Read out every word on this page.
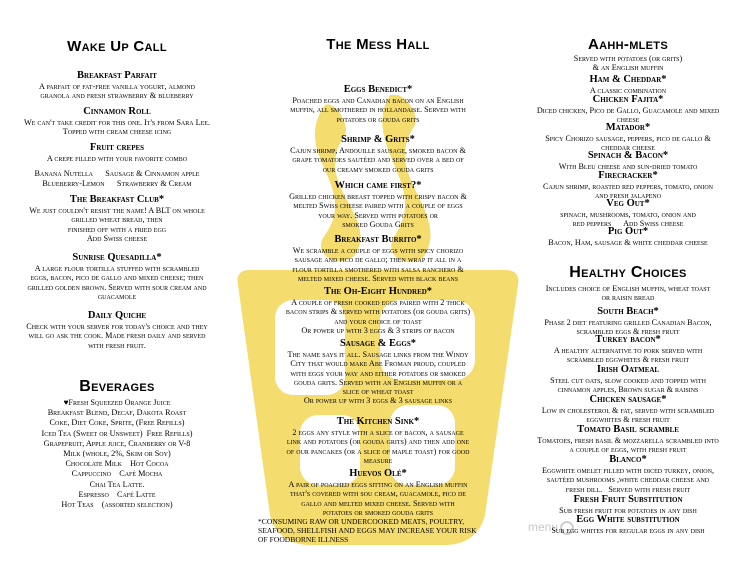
Wake Up Call
Breakfast Parfait
A parfait of fat-free vanilla yogurt, almond
granola and fresh strawberry & blueberry
Cinnamon Roll
We can't take credit for this one. It's from Sara Lee.
Topped with cream cheese icing
Fruit crepes
A crepe filled with your favorite combo
Banana Nutella      Sausage & Cinnamon apple
Blueberry-Lemon      Strawberry & Cream
The Breakfast Club*
We just couldn't resist the name! A BLT on whole
grilled wheat bread, then
finished off with a fried egg
Add Swiss cheese
Sunrise Quesadilla*
A large flour tortilla stuffed with scrambled
eggs, bacon, pico de gallo and mixed cheese; then
grilled golden brown. Served with sour cream and
guacamole
Daily Quiche
Check with your server for today's choice and they
will go ask the cook. Made fresh daily and served
with fresh fruit.
Beverages
♥Fresh Squeezed Orange Juice
Breakfast Blend, Decaf, Dakota Roast
Coke, Diet Coke, Sprite, (Free Refills)
Iced Tea (Sweet or Unsweet)  Free Refills)
Grapefruit, Apple juice, Cranberry or V-8
Milk (whole, 2%, Skim or Soy)
Chocolate Milk    Hot Cocoa
Cappuccino    Café Mocha
Chai Tea Latte.
Espresso    Café Latte
Hot Teas    (assorted selection)
The Mess Hall
Eggs Benedict*
Poached eggs and Canadian bacon on an English
muffin, all smothered in hollandaise. Served with
potatoes or gouda grits
Shrimp & Grits*
Cajun shrimp, Andouille sausage, smoked bacon &
grape tomatoes sautéed and served over a bed of
our creamy smoked gouda grits
Which came first?*
Grilled chicken breast topped with crispy bacon &
melted Swiss cheese paired with a couple of eggs
your way. Served with potatoes or
smoked Gouda Grits
Breakfast Burrito*
We scramble a couple of eggs with spicy chorizo
sausage and pico de gallo; then wrap it all in a
flour tortilla smothered with salsa ranchero &
melted mixed cheese. Served with black beans
The Oh-Eight Hundred*
A couple of fresh cooked eggs paired with 2 thick
bacon strips & served with potatoes (or gouda grits)
and your choice of toast
Or power up with 3 eggs & 3 strips of bacon
Sausage & Eggs*
The name says it all. Sausage links from the Windy
City that would make Abe Froman proud, coupled
with eggs your way and either potatoes or smoked
gouda grits. Served with an English muffin or a
slice of wheat toast
Or power up with 3 eggs & 3 sausage links
The Kitchen Sink*
2 eggs any style with a slice of bacon, a sausage
link and potatoes (or gouda grits) and then add one
of our pancakes (or a slice of maple toast) for good
measure
Huevos Olé*
A pair of poached eggs sitting on an English muffin
that's covered with sou cream, guacamole, pico de
gallo and melted mixed cheese. Served with
potatoes or smoked gouda grits
*CONSUMING RAW OR UNDERCOOKED MEATS, POULTRY,
SEAFOOD, SHELLFISH AND EGGS MAY INCREASE YOUR RISK
OF FOODBORNE ILLNESS
Aahh-mlets
Served with potatoes (or grits)
& an English muffin
Ham & Cheddar*
A classic combination
Chicken Fajita*
Diced chicken, Pico de Gallo, Guacamole and mixed
cheese
Matador*
Spicy Chorizo sausage, peppers, pico de gallo &
cheddar cheese
Spinach & Bacon*
With Bleu cheese and sun-dried tomato
Firecracker*
Cajun shrimp, roasted red peppers, tomato, onion
and fresh jalapeno
Veg Out*
spinach, mushrooms, tomato, onion and
red peppers      Add Swiss cheese
Pig Out*
Bacon, Ham, sausage & white cheddar cheese
Healthy Choices
Includes choice of English muffin, wheat toast
or raisin bread
South Beach*
Phase 2 diet featuring grilled Canadian Bacon,
scrambled eggs & fresh fruit
Turkey bacon*
A healthy alternative to pork served with
scrambled eggwhites & fresh fruit
Irish Oatmeal
Steel cut oats, slow cooked and topped with
cinnamon apples, Brown sugar & raisins
Chicken sausage*
Low in cholesterol & fat, served with scrambled
eggwhites & fresh fruit
Tomato Basil scramble
Tomatoes, fresh basil & mozzarella scrambled into
a couple of eggs, with fresh fruit
Blanco*
Eggwhite omelet filled with diced turkey, onion,
sautéed mushrooms ,white cheddar cheese and
fresh dill.   Served with fresh fruit
Fresh Fruit Substitution
Sub fresh fruit for potatoes in any dish
Egg White substitution
Sub egg whites for regular eggs in any dish
menu
